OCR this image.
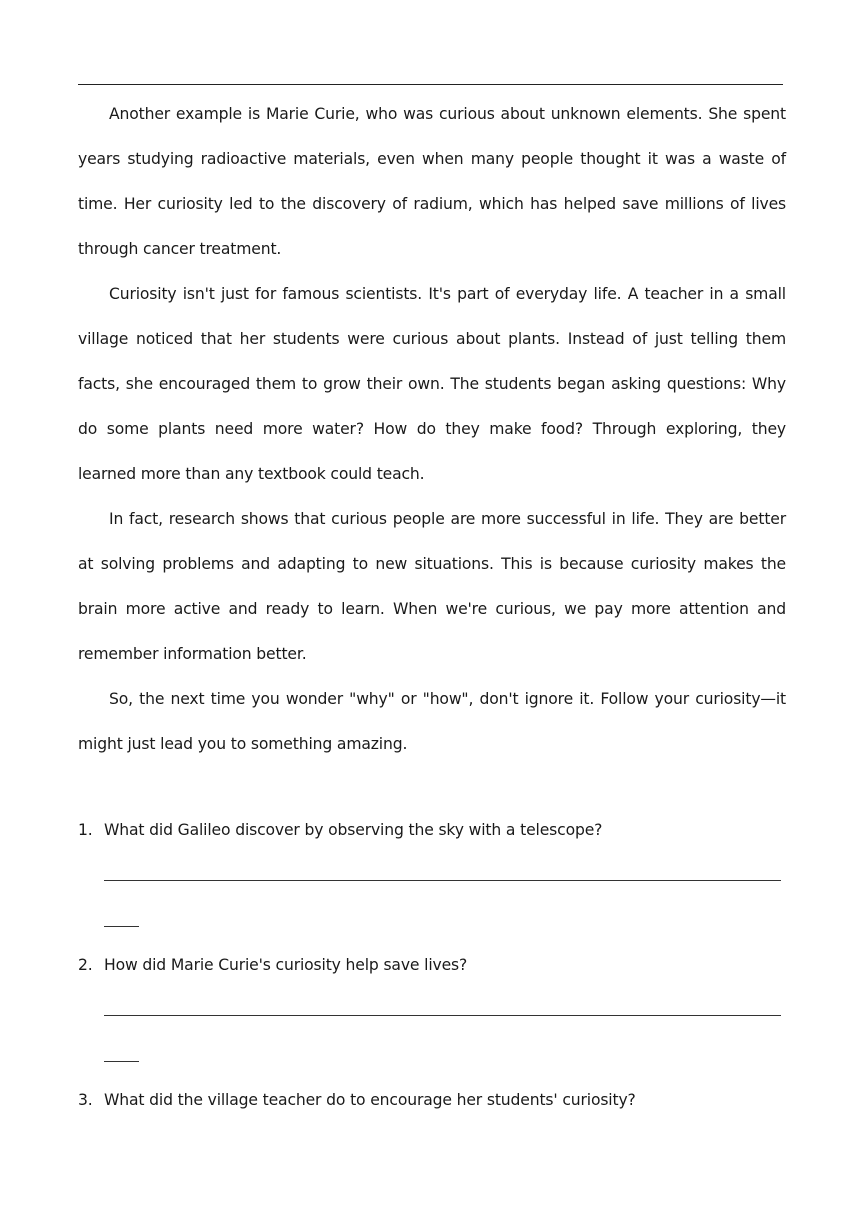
Another example is Marie Curie, who was curious about unknown elements. She spent years studying radioactive materials, even when many people thought it was a waste of time. Her curiosity led to the discovery of radium, which has helped save millions of lives through cancer treatment.

Curiosity isn't just for famous scientists. It's part of everyday life. A teacher in a small village noticed that her students were curious about plants. Instead of just telling them facts, she encouraged them to grow their own. The students began asking questions: Why do some plants need more water? How do they make food? Through exploring, they learned more than any textbook could teach.

In fact, research shows that curious people are more successful in life. They are better at solving problems and adapting to new situations. This is because curiosity makes the brain more active and ready to learn. When we're curious, we pay more attention and remember information better.

So, the next time you wonder "why" or "how", don't ignore it. Follow your curiosity—it might just lead you to something amazing.

1. What did Galileo discover by observing the sky with a telescope?
2. How did Marie Curie's curiosity help save lives?
3. What did the village teacher do to encourage her students' curiosity?
